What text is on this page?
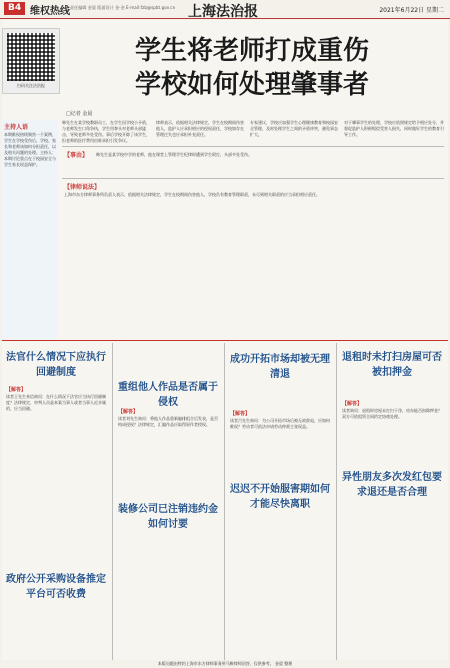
B4 维权热线 责任编辑 金晨 版面设计 金·金 E-mail:fzb@spbt.gov.cn 上海法治报	2021年6月22日 星期二
扫码关注法治报
主持人语
本期维权热线聚焦一个案例，学生在学校受伤后，学校、家长和老师该如何分担责任，以及相关问题的处理。主持人：本期讨论重点在于校园安全与学生家长权益保护。
学生将老师打成重伤
学校如何处理肇事者
□记者 金晨
韩先生在某学校教职员工，在学生因学校小矛盾，与老师发生口角争执，学生用拳头对老师头部猛击，导致老师多处受伤。事后学校开除了该学生，但老师的医疗费用由谁承担引发争议。
律师表示，依据相关法律规定，学生在校期间伤害他人，监护人应承担相应的侵权责任，学校如存在管理过失也应承担补充责任。
专家建议，学校应加强学生心理健康教育和校园安全管理，及时处理学生之间的矛盾冲突，避免事态扩大。
对于肇事学生的处理，学校应依照规定给予相应处分，并督促监护人积极赔偿受害人损失，同时做好学生的教育引导工作。
【事由】 韩先生是某学校中学的老师，他在课堂上管理学生纪律时遭到学生殴打，头部多处受伤。
【律师说法】
上海市东方律师事务所负责人表示，依据相关法律规定，学生在校期间伤害他人，学校负有教育管理职责，未尽到相关职责的应当承担相应责任。
法官什么情况下应执行回避制度
【解答】
读者王先生来信询问：在什么情况下法官应当执行回避制度？法律规定，审判人员是本案当事人或者当事人近亲属的，应当回避。
政府公开采购设备推定平台可否收费
重组他人作品是否属于侵权
【解答】
读者刘先生询问：将他人作品重新编排组合后发表，是否构成侵权？法律规定，汇编作品应取得原作者授权。
装修公司已注销违约金如何讨要
成功开拓市场却被无理清退
【解答】
读者吕先生询问：为公司开拓市场后被无故辞退，应如何维权？劳动者可依法申请劳动仲裁主张权益。
迟迟不开始服害期如何才能尽快离职
退租时未打扫房屋可否被扣押金
【解答】
读者询问：退租时房屋未打扫干净，房东能否扣除押金？双方可依租赁合同约定协商处理。
异性朋友多次发红包要求退还是否合理
本版问题由特约上海市东方律师事务所马鞍律师回答，仅供参考。 金晨 整理
